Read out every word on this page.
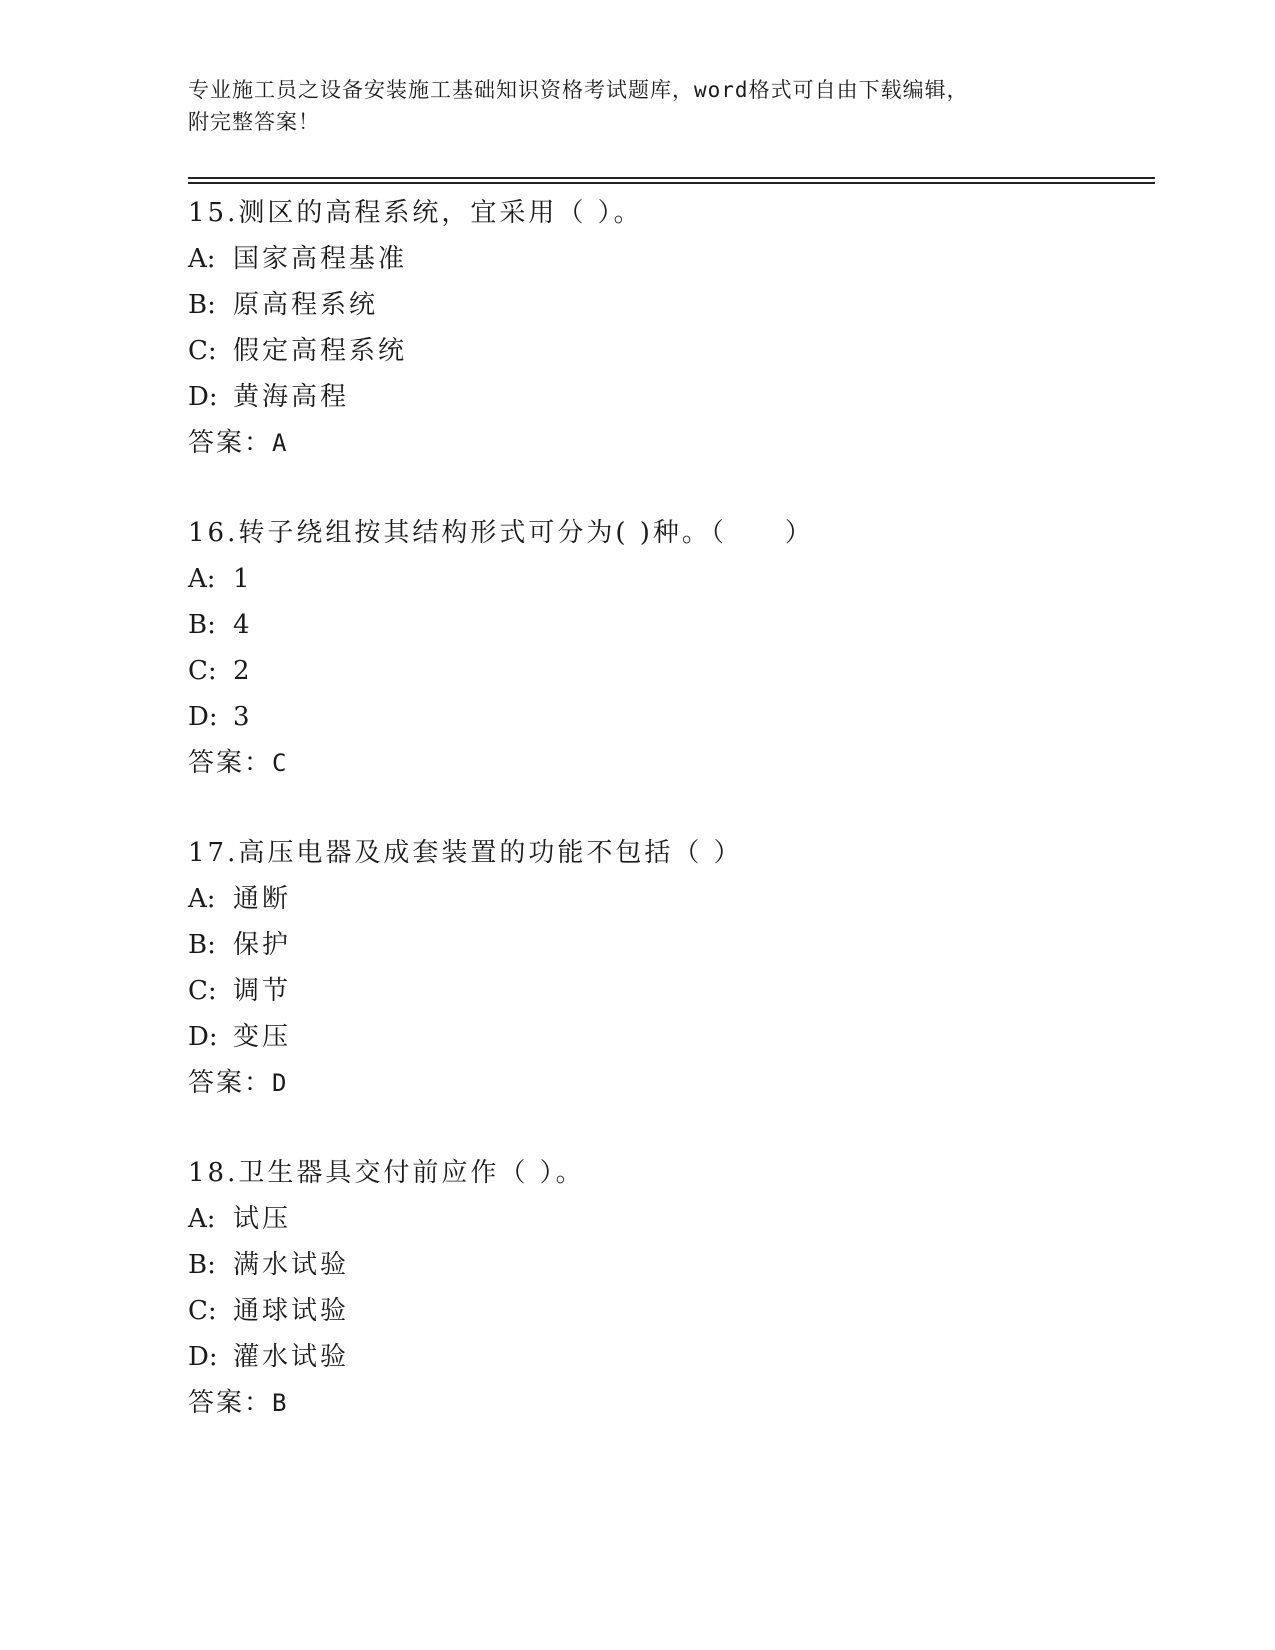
专业施工员之设备安装施工基础知识资格考试题库，word格式可自由下载编辑，
附完整答案！
15.测区的高程系统，宜采用（ ）。
A: 国家高程基准
B: 原高程系统
C: 假定高程系统
D: 黄海高程
答案：A
16.转子绕组按其结构形式可分为( )种。（　　）
A: 1
B: 4
C: 2
D: 3
答案：C
17.高压电器及成套装置的功能不包括（ ）
A: 通断
B: 保护
C: 调节
D: 变压
答案：D
18.卫生器具交付前应作（ ）。
A: 试压
B: 满水试验
C: 通球试验
D: 灌水试验
答案：B
